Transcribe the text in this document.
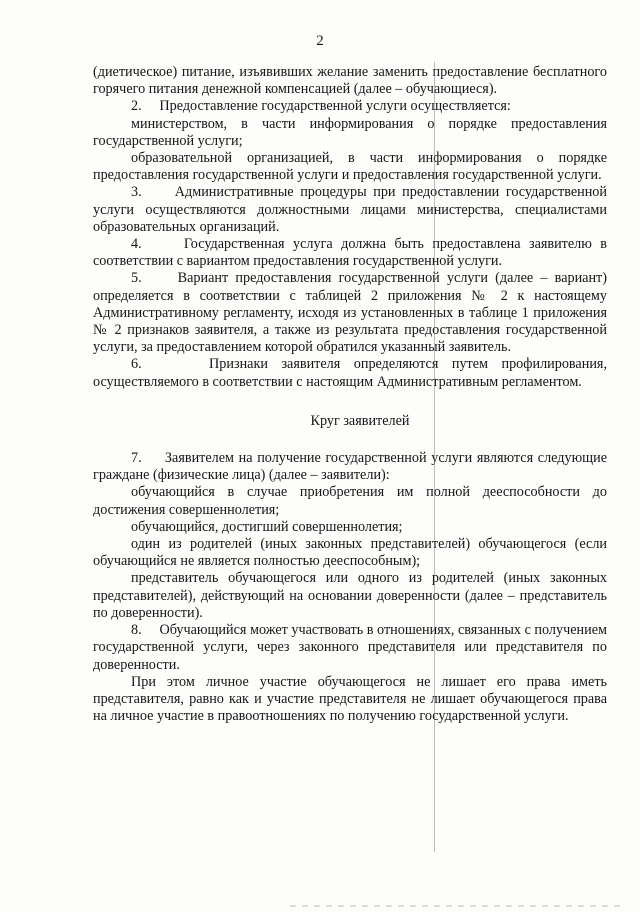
2

(диетическое) питание, изъявивших желание заменить предоставление бесплатного горячего питания денежной компенсацией (далее – обучающиеся).

2.     Предоставление государственной услуги осуществляется:

министерством, в части информирования о порядке предоставления государственной услуги;

образовательной организацией, в части информирования о порядке предоставления государственной услуги и предоставления государственной услуги.

3.     Административные процедуры при предоставлении государственной услуги осуществляются должностными лицами министерства, специалистами образовательных организаций.

4.     Государственная услуга должна быть предоставлена заявителю в соответствии с вариантом предоставления государственной услуги.

5.     Вариант предоставления государственной услуги (далее – вариант) определяется в соответствии с таблицей 2 приложения № 2 к настоящему Административному регламенту, исходя из установленных в таблице 1 приложения № 2 признаков заявителя, а также из результата предоставления государственной услуги, за предоставлением которой обратился указанный заявитель.

6.     Признаки заявителя определяются путем профилирования, осуществляемого в соответствии с настоящим Административным регламентом.

Круг заявителей

7.     Заявителем на получение государственной услуги являются следующие граждане (физические лица) (далее – заявители):

обучающийся в случае приобретения им полной дееспособности до достижения совершеннолетия;

обучающийся, достигший совершеннолетия;

один из родителей (иных законных представителей) обучающегося (если обучающийся не является полностью дееспособным);

представитель обучающегося или одного из родителей (иных законных представителей), действующий на основании доверенности (далее – представитель по доверенности).

8.     Обучающийся может участвовать в отношениях, связанных с получением государственной услуги, через законного представителя или представителя по доверенности.

При этом личное участие обучающегося не лишает его права иметь представителя, равно как и участие представителя не лишает обучающегося права на личное участие в правоотношениях по получению государственной услуги.
